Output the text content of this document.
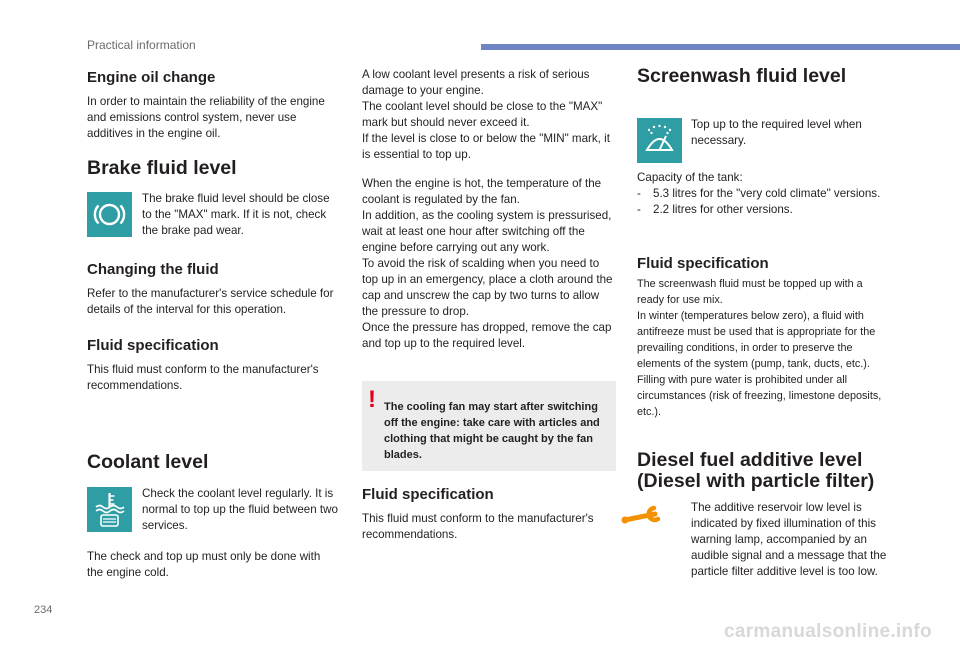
Practical information
Engine oil change

In order to maintain the reliability of the engine and emissions control system, never use additives in the engine oil.

Brake fluid level

The brake fluid level should be close to the "MAX" mark. If it is not, check the brake pad wear.

Changing the fluid

Refer to the manufacturer's service schedule for details of the interval for this operation.

Fluid specification

This fluid must conform to the manufacturer's recommendations.

Coolant level

Check the coolant level regularly. It is normal to top up the fluid between two services.

The check and top up must only be done with the engine cold.

A low coolant level presents a risk of serious damage to your engine.

The coolant level should be close to the "MAX" mark but should never exceed it.

If the level is close to or below the "MIN" mark, it is essential to top up.

When the engine is hot, the temperature of the coolant is regulated by the fan.

In addition, as the cooling system is pressurised, wait at least one hour after switching off the engine before carrying out any work.

To avoid the risk of scalding when you need to top up in an emergency, place a cloth around the cap and unscrew the cap by two turns to allow the pressure to drop.

Once the pressure has dropped, remove the cap and top up to the required level.

! The cooling fan may start after switching off the engine: take care with articles and clothing that might be caught by the fan blades.

Fluid specification

This fluid must conform to the manufacturer's recommendations.

Screenwash fluid level

Top up to the required level when necessary.

Capacity of the tank:

- 5.3 litres for the "very cold climate" versions.
- 2.2 litres for other versions.
Fluid specification

The screenwash fluid must be topped up with a ready for use mix.

In winter (temperatures below zero), a fluid with antifreeze must be used that is appropriate for the prevailing conditions, in order to preserve the elements of the system (pump, tank, ducts, etc.).

Filling with pure water is prohibited under all circumstances (risk of freezing, limestone deposits, etc.).

Diesel fuel additive level
(Diesel with particle filter)

The additive reservoir low level is indicated by fixed illumination of this warning lamp, accompanied by an audible signal and a message that the particle filter additive level is too low.

234
carmanualsonline.info
